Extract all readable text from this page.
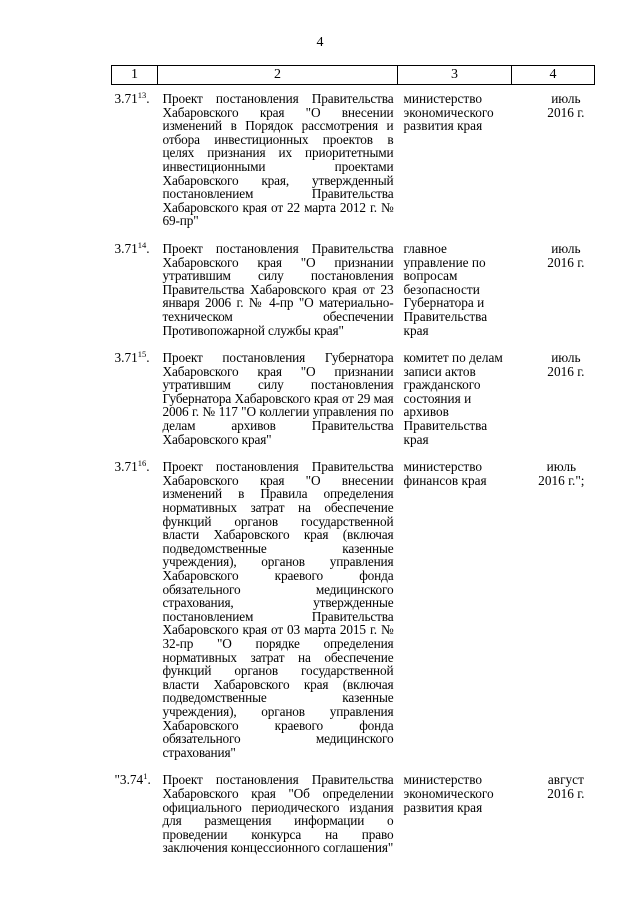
4
1	2	3	4
3.71$^{13}$.	Проект постановления Правительства Хабаровского края "О внесении изменений в Порядок рассмотрения и отбора инвестиционных проектов в целях признания их приоритетными инвестиционными проектами Хабаровского края, утвержденный постановлением Правительства Хабаровского края от 22 марта 2012 г. № 69-пр"	министерство экономического развития края	июль
2016 г.
3.71$^{14}$.	Проект постановления Правительства Хабаровского края "О признании утратившим силу постановления Правительства Хабаровского края от 23 января 2006 г. № 4-пр "О материально-техническом обеспечении Противопожарной службы края"	главное управление по вопросам безопасности Губернатора и Правительства края	июль
2016 г.
3.71$^{15}$.	Проект постановления Губернатора Хабаровского края "О признании утратившим силу постановления Губернатора Хабаровского края от 29 мая 2006 г. № 117 "О коллегии управления по делам архивов Правительства Хабаровского края"	комитет по делам записи актов гражданского состояния и архивов Правительства края	июль
2016 г.
3.71$^{16}$.	Проект постановления Правительства Хабаровского края "О внесении изменений в Правила определения нормативных затрат на обеспечение функций органов государственной власти Хабаровского края (включая подведомственные казенные учреждения), органов управления Хабаровского краевого фонда обязательного медицинского страхования, утвержденные постановлением Правительства Хабаровского края от 03 марта 2015 г. № 32-пр "О порядке определения нормативных затрат на обеспечение функций органов государственной власти Хабаровского края (включая подведомственные казенные учреждения), органов управления Хабаровского краевого фонда обязательного медицинского страхования"	министерство финансов края	июль
2016 г.";
"3.74$^1$.	Проект постановления Правительства Хабаровского края "Об определении официального периодического издания для размещения информации о проведении конкурса на право заключения концессионного соглашения"	министерство экономического развития края	август
2016 г.
